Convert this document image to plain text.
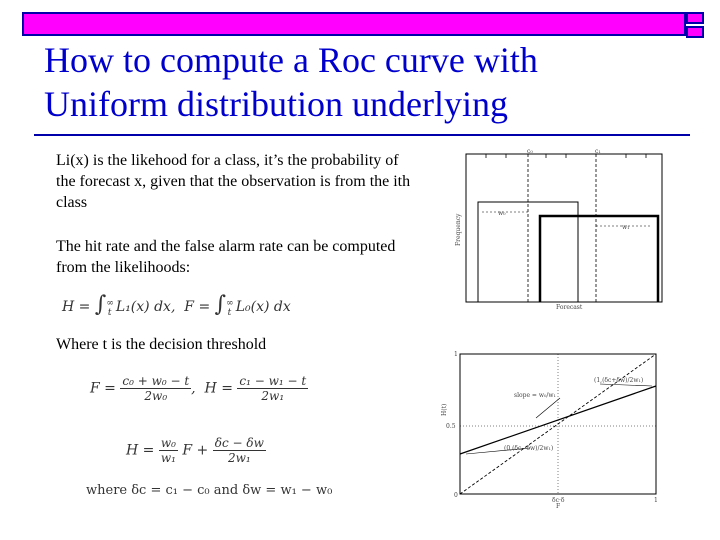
How to compute a Roc curve with
Uniform distribution underlying
Li(x) is the likehood for a class, it’s the probability of the forecast x, given that the observation is from the ith class
The hit rate and the false alarm rate can be computed from the likelihoods:
$H = \int^\infty_t$ L₁(x) dx, $F = \int^\infty_t$ L₀(x) dx
Where t is the decision threshold
$F = \frac{\text{c₀ + w₀ − t}}{\text{2w₀}}$ ,  $H = \frac{\text{c₁ − w₁ − t}}{\text{2w₁}}$
$H = \frac{\text{w₀}}{\text{w₁}}$ $F + \frac{\delta c - \delta w}{\text{2w₁}}$
where δc = c₁ − c₀ and δw = w₁ − w₀
c₀	c₁
w₀
w₁
Frequency
Forecast
(1,(δc+δw)/2w₁)
slope = w₀/w₁
(0,(δc−δw)/2w₁)
1
0
1
δc·δ
0.5
H(t)
F
